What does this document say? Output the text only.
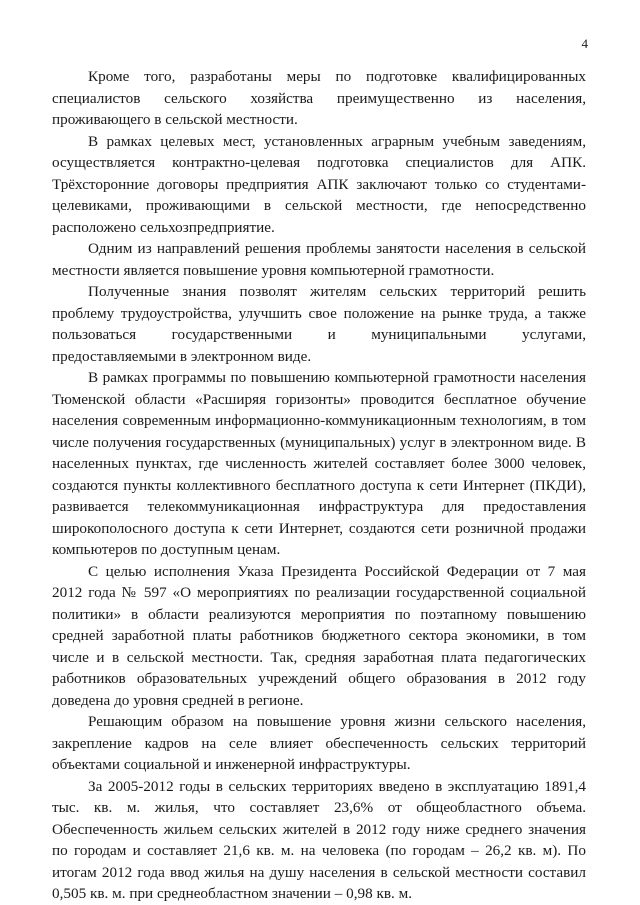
4

Кроме того, разработаны меры по подготовке квалифицированных специалистов сельского хозяйства преимущественно из населения, проживающего в сельской местности.

В рамках целевых мест, установленных аграрным учебным заведениям, осуществляется контрактно-целевая подготовка специалистов для АПК. Трёхсторонние договоры предприятия АПК заключают только со студентами-целевиками, проживающими в сельской местности, где непосредственно расположено сельхозпредприятие.

Одним из направлений решения проблемы занятости населения в сельской местности является повышение уровня компьютерной грамотности.

Полученные знания позволят жителям сельских территорий решить проблему трудоустройства, улучшить свое положение на рынке труда, а также пользоваться государственными и муниципальными услугами, предоставляемыми в электронном виде.

В рамках программы по повышению компьютерной грамотности населения Тюменской области «Расширяя горизонты» проводится бесплатное обучение населения современным информационно-коммуникационным технологиям, в том числе получения государственных (муниципальных) услуг в электронном виде. В населенных пунктах, где численность жителей составляет более 3000 человек, создаются пункты коллективного бесплатного доступа к сети Интернет (ПКДИ), развивается телекоммуникационная инфраструктура для предоставления широкополосного доступа к сети Интернет, создаются сети розничной продажи компьютеров по доступным ценам.

С целью исполнения Указа Президента Российской Федерации от 7 мая 2012 года № 597 «О мероприятиях по реализации государственной социальной политики» в области реализуются мероприятия по поэтапному повышению средней заработной платы работников бюджетного сектора экономики, в том числе и в сельской местности. Так, средняя заработная плата педагогических работников образовательных учреждений общего образования в 2012 году доведена до уровня средней в регионе.

Решающим образом на повышение уровня жизни сельского населения, закрепление кадров на селе влияет обеспеченность сельских территорий объектами социальной и инженерной инфраструктуры.

За 2005-2012 годы в сельских территориях введено в эксплуатацию 1891,4 тыс. кв. м. жилья, что составляет 23,6% от общеобластного объема. Обеспеченность жильем сельских жителей в 2012 году ниже среднего значения по городам и составляет 21,6 кв. м. на человека (по городам – 26,2 кв. м). По итогам 2012 года ввод жилья на душу населения в сельской местности составил 0,505 кв. м. при среднеобластном значении – 0,98 кв. м.
